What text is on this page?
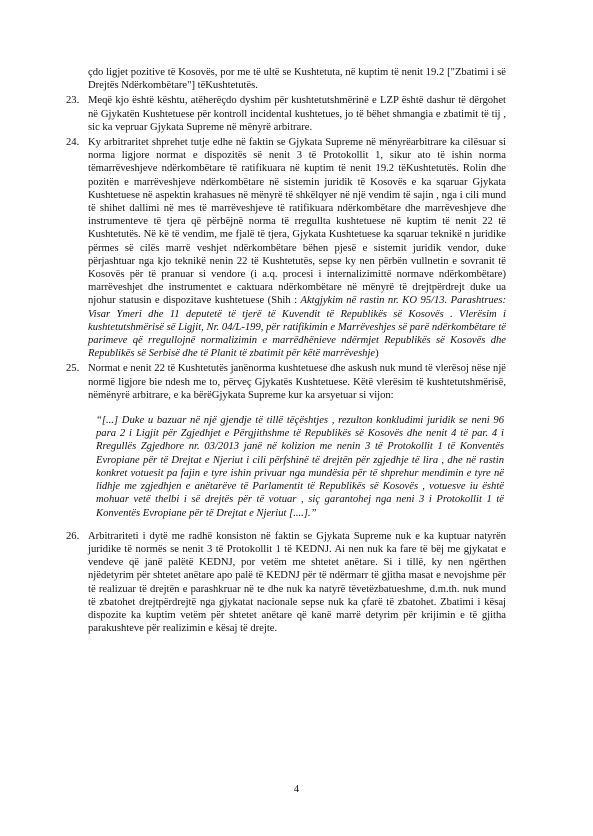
çdo ligjet pozitive të Kosovës, por me të ultë se Kushtetuta, në kuptim të nenit 19.2 ["Zbatimi i së Drejtës Ndërkombëtare"] tëKushtetutës.
23. Meqë kjo është kështu, atëherëçdo dyshim për kushtetutshmërinë e LZP është dashur të dërgohet në Gjykatën Kushtetuese për kontroll incidental kushtetues, jo të bëhet shmangia e zbatimit të tij , sic ka vepruar Gjykata Supreme në mënyrë arbitrare.
24. Ky arbitraritet shprehet tutje edhe në faktin se Gjykata Supreme në mënyrëarbitrare ka cilësuar si norma ligjore normat e dispozitës së nenit 3 të Protokollit 1, sikur ato të ishin norma tëmarrëveshjeve ndërkombëtare të ratifikuara në kuptim të nenit 19.2 tëKushtetutës. Rolin dhe pozitën e marrëveshjeve ndërkombëtare në sistemin juridik të Kosovës e ka sqaruar Gjykata Kushtetuese në aspektin krahasues në mënyrë të shkëlqyer në një vendim të sajin , nga i cili mund të shihet dallimi në mes të marrëveshjeve të ratifikuara ndërkombëtare dhe marrëveshjeve dhe instrumenteve të tjera që përbëjnë norma të rregullta kushtetuese në kuptim të nenit 22 të Kushtetutës. Në kë të vendim, me fjalë të tjera, Gjykata Kushtetuese ka sqaruar teknikë n juridike përmes së cilës marrë veshjet ndërkombëtare bëhen pjesë e sistemit juridik vendor, duke përjashtuar nga kjo teknikë nenin 22 të Kushtetutës, sepse ky nen përbën vullnetin e sovranit të Kosovës për të pranuar si vendore (i a.q. procesi i internalizimittë normave ndërkombëtare) marrëveshjet dhe instrumentet e caktuara ndërkombëtare në mënyrë të drejtpërdrejt duke ua njohur statusin e dispozitave kushtetuese (Shih : Aktgjykim në rastin nr. KO 95/13. Parashtrues: Visar Ymeri dhe 11 deputetë të tjerë të Kuvendit të Republikës së Kosovës . Vlerësim i kushtetutshmërisë së Ligjit, Nr. 04/L-199, për ratifikimin e Marrëveshjes së parë ndërkombëtare të parimeve që rregullojnë normalizimin e marrëdhënieve ndërmjet Republikës së Kosovës dhe Republikës së Serbisë dhe të Planit të zbatimit për këtë marrëveshje)
25. Normat e nenit 22 të Kushtetutës janënorma kushtetuese dhe askush nuk mund të vlerësoj nëse një normë ligjore bie ndesh me to, përveç Gjykatës Kushtetuese. Këtë vlerësim të kushtetutshmërisë, nëmënyrë arbitrare, e ka bërëGjykata Supreme kur ka arsyetuar si vijon:
“[...] Duke u bazuar në një gjendje të tillë tëçështjes , rezulton konkludimi juridik se neni 96 para 2 i Ligjit për Zgjedhjet e Përgjithshme të Republikës së Kosovës dhe nenit 4 të par. 4 i Rregullës Zgjedhore nr. 03/2013 janë në kolizion me nenin 3 të Protokollit 1 të Konventës Evropiane për të Drejtat e Njeriut i cili përfshinë të drejtën për zgjedhje të lira , dhe në rastin konkret votuesit pa fajin e tyre ishin privuar nga mundësia për të shprehur mendimin e tyre në lidhje me zgjedhjen e anëtarëve të Parlamentit të Republikës së Kosovës , votuesve iu është mohuar vetë thelbi i së drejtës për të votuar , siç garantohej nga neni 3 i Protokollit 1 të Konventës Evropiane për të Drejtat e Njeriut [....].”
26. Arbitrariteti i dytë me radhë konsiston në faktin se Gjykata Supreme nuk e ka kuptuar natyrën juridike të normës se nenit 3 të Protokollit 1 të KEDNJ. Ai nen nuk ka fare të bëj me gjykatat e vendeve që janë palëtë KEDNJ, por vetëm me shtetet anëtare. Si i tillë, ky nen ngërthen njëdetyrim për shtetet anëtare apo palë të KEDNJ për të ndërmarr të gjitha masat e nevojshme për të realizuar të drejtën e parashkruar në te dhe nuk ka natyrë tëvetëzbatueshme, d.m.th. nuk mund të zbatohet drejtpërdrejtë nga gjykatat nacionale sepse nuk ka çfarë të zbatohet. Zbatimi i kësaj dispozite ka kuptim vetëm për shtetet anëtare që kanë marrë detyrim për krijimin e të gjitha parakushteve për realizimin e kësaj të drejte.
4
